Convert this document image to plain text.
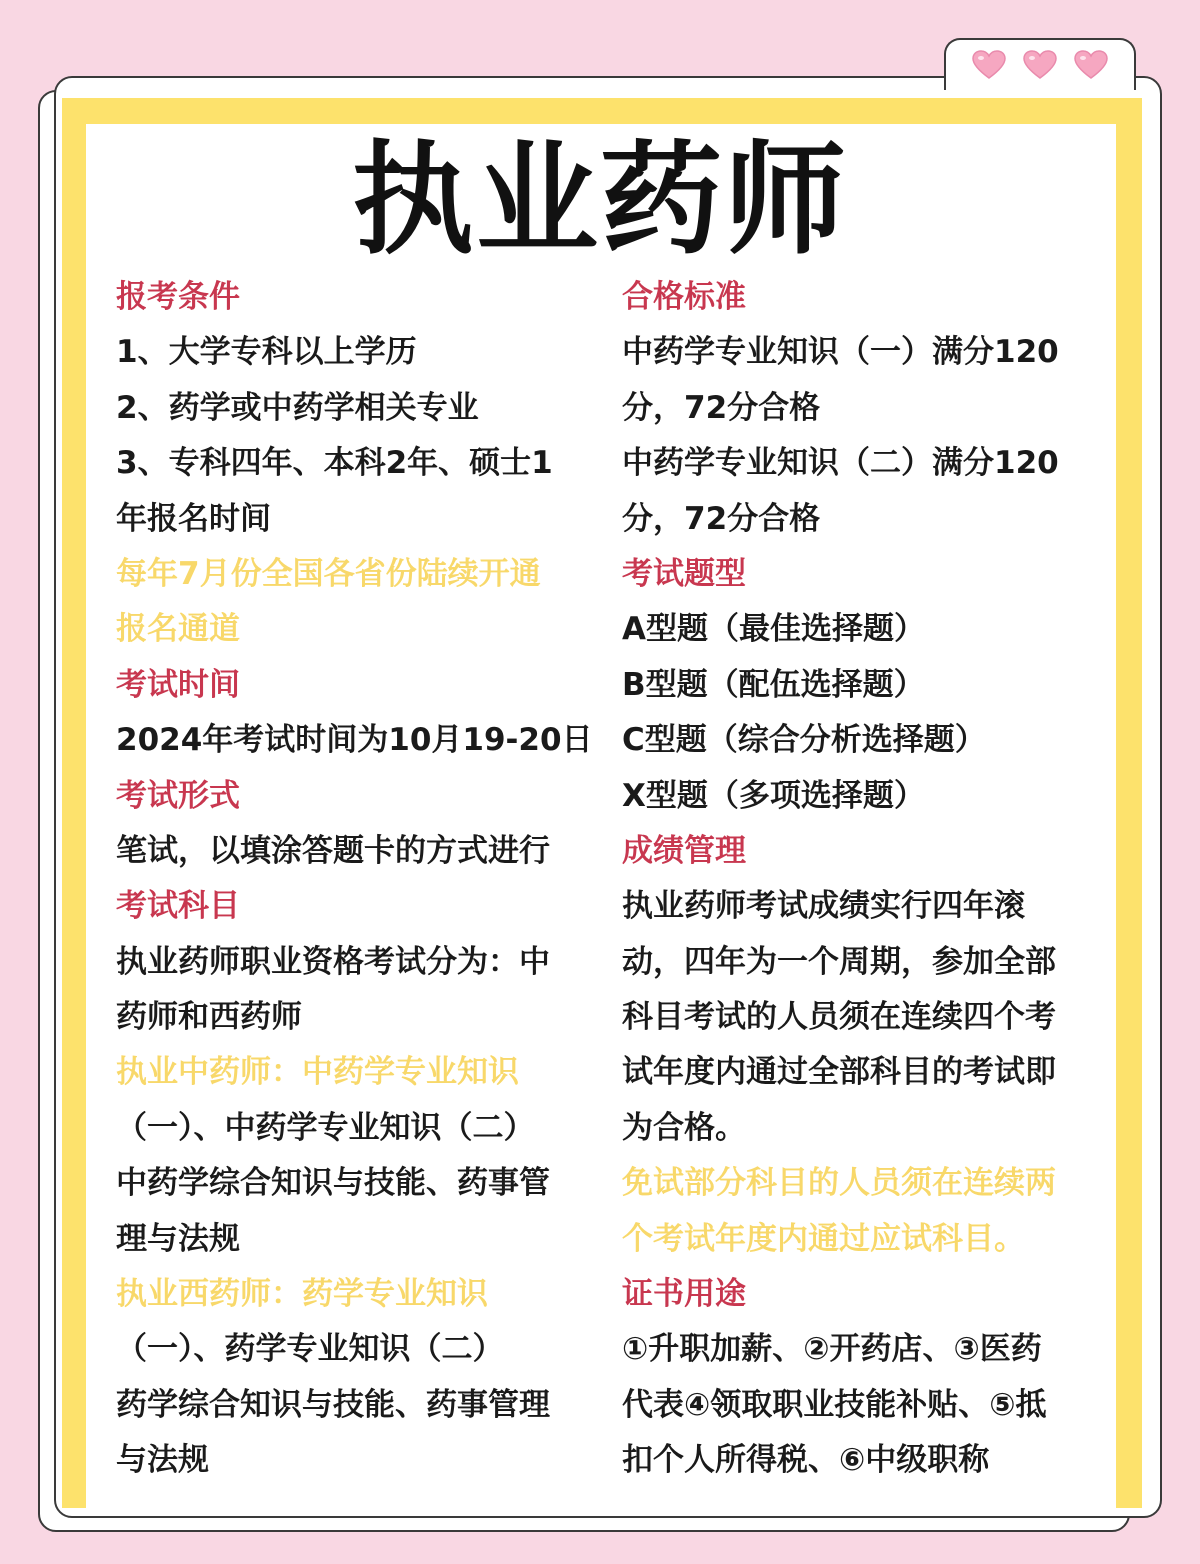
执业药师

报考条件

1、大学专科以上学历

2、药学或中药学相关专业

3、专科四年、本科2年、硕士1

年报名时间

每年7月份全国各省份陆续开通

报名通道

考试时间

2024年考试时间为10月19-20日

考试形式

笔试，以填涂答题卡的方式进行

考试科目

执业药师职业资格考试分为：中

药师和西药师

执业中药师：中药学专业知识

（一）、中药学专业知识（二）

中药学综合知识与技能、药事管

理与法规

执业西药师：药学专业知识

（一）、药学专业知识（二）

药学综合知识与技能、药事管理

与法规

合格标准

中药学专业知识（一）满分120

分，72分合格

中药学专业知识（二）满分120

分，72分合格

考试题型

A型题（最佳选择题）

B型题（配伍选择题）

C型题（综合分析选择题）

X型题（多项选择题）

成绩管理

执业药师考试成绩实行四年滚

动，四年为一个周期，参加全部

科目考试的人员须在连续四个考

试年度内通过全部科目的考试即

为合格。

免试部分科目的人员须在连续两

个考试年度内通过应试科目。

证书用途

①升职加薪、②开药店、③医药

代表④领取职业技能补贴、⑤抵

扣个人所得税、⑥中级职称
